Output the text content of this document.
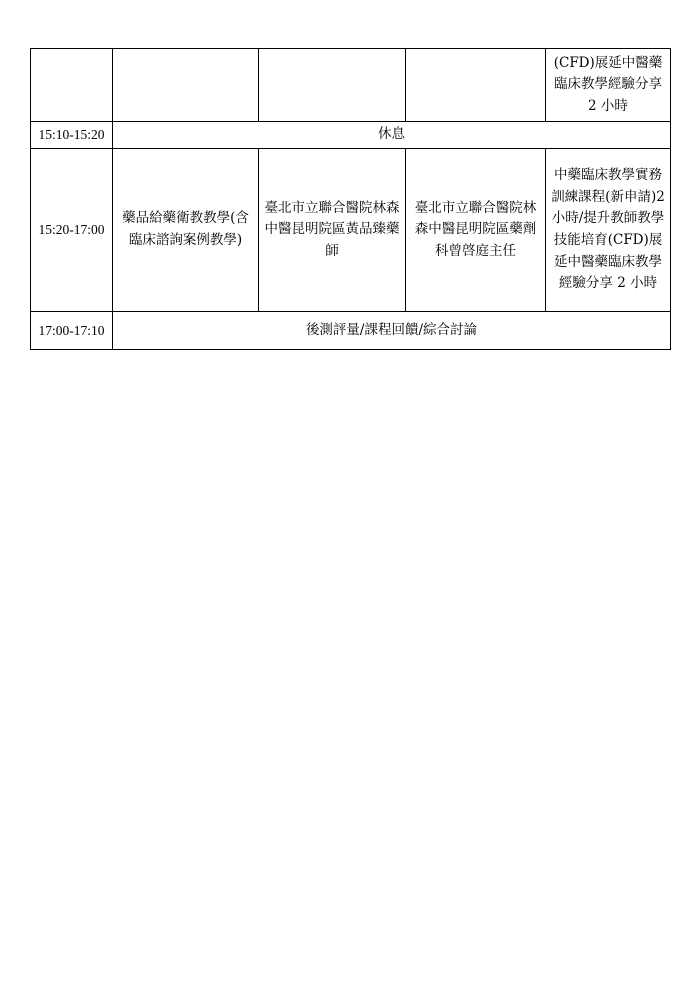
				(CFD)展延中醫藥臨床教學經驗分享 2 小時
15:10-15:20	休息			
15:20-17:00	藥品給藥衛教教學(含臨床諮詢案例教學)	臺北市立聯合醫院林森中醫昆明院區黃品臻藥師	臺北市立聯合醫院林森中醫昆明院區藥劑科曾啓庭主任	中藥臨床教學實務訓練課程(新申請)2 小時/提升教師教學技能培育(CFD)展延中醫藥臨床教學經驗分享 2 小時
17:00-17:10	後測評量/課程回饋/綜合討論			
